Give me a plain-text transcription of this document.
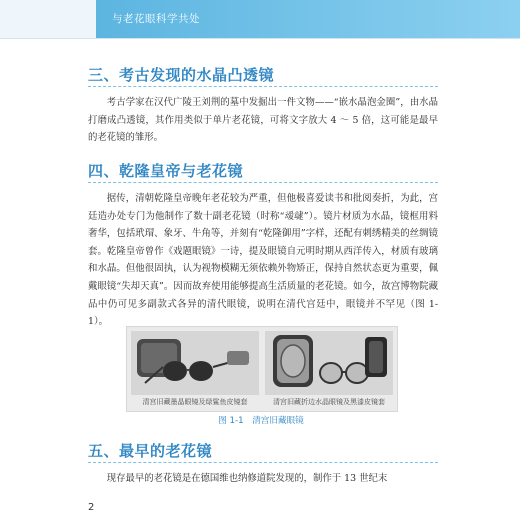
与老花眼科学共处
三、考古发现的水晶凸透镜

考古学家在汉代广陵王刘荆的墓中发掘出一件文物——“嵌水晶泡金圈”，由水晶打磨成凸透镜，其作用类似于单片老花镜，可将文字放大 4 ～ 5 倍，这可能是最早的老花镜的雏形。

四、乾隆皇帝与老花镜

据传，清朝乾隆皇帝晚年老花较为严重，但他极喜爱读书和批阅奏折，为此，宫廷造办处专门为他制作了数十副老花镜（时称“叆叇”）。镜片材质为水晶，镜框用料奢华，包括玳瑁、象牙、牛角等，并刻有“乾隆御用”字样，还配有刺绣精美的丝绸镜套。乾隆皇帝曾作《戏题眼镜》一诗，提及眼镜自元明时期从西洋传入，材质有玻璃和水晶。但他很固执，认为视物模糊无须依赖外物矫正，保持自然状态更为重要，佩戴眼镜“失却天真”。因而故弃使用能够提高生活质量的老花镜。如今，故宫博物院藏品中仍可见多副款式各异的清代眼镜，说明在清代宫廷中，眼镜并不罕见（图 1-1）。

清宫旧藏墨晶眼镜及绿鲨鱼皮镜套	清宫旧藏折边水晶眼镜及黑漆皮镜套
图 1-1　清宫旧藏眼镜
五、最早的老花镜

现存最早的老花镜是在德国维也纳修道院发现的，制作于 13 世纪末

2
